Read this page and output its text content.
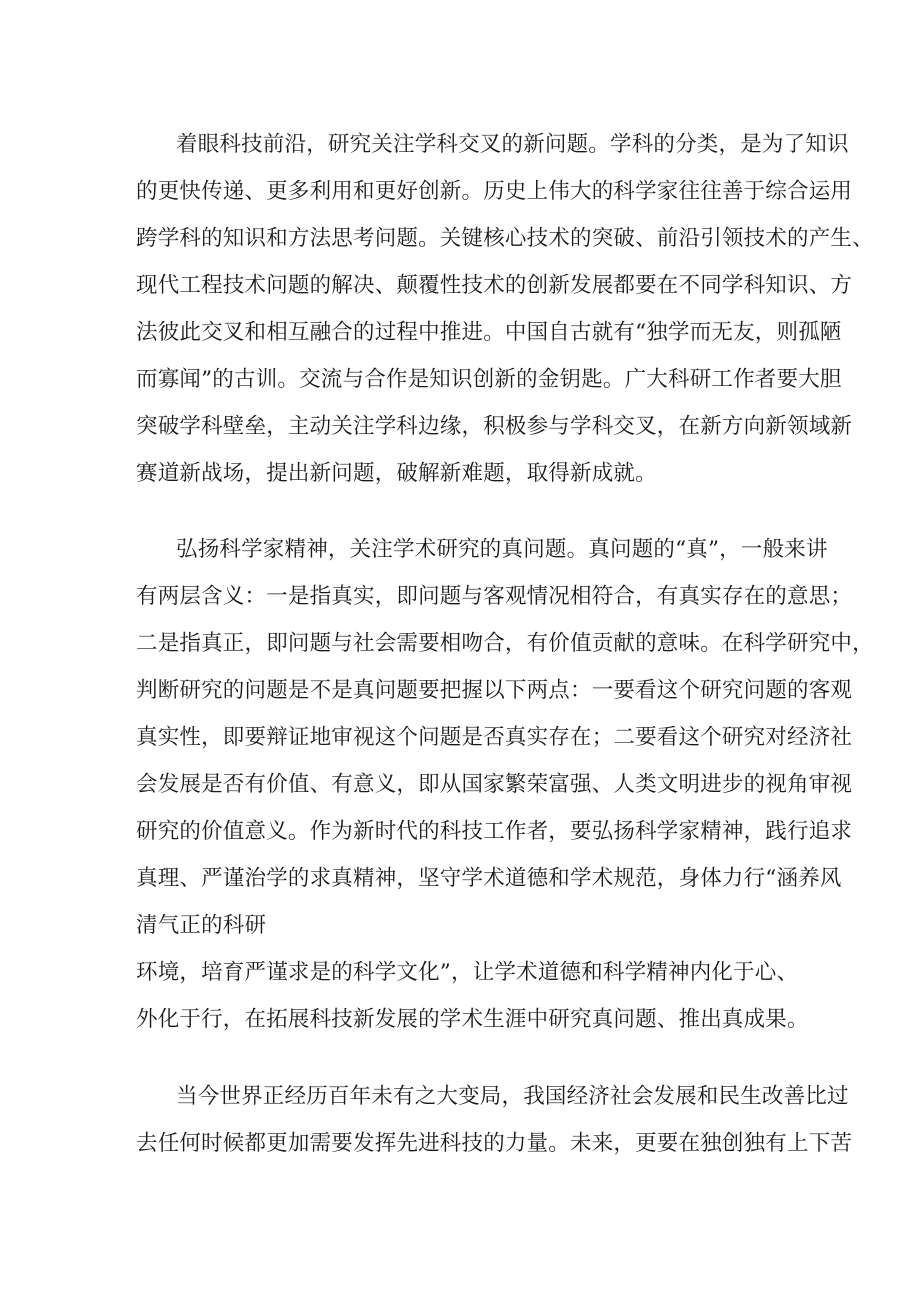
着眼科技前沿，研究关注学科交叉的新问题。学科的分类，是为了知识
的更快传递、更多利用和更好创新。历史上伟大的科学家往往善于综合运用
跨学科的知识和方法思考问题。关键核心技术的突破、前沿引领技术的产生、
现代工程技术问题的解决、颠覆性技术的创新发展都要在不同学科知识、方
法彼此交叉和相互融合的过程中推进。中国自古就有“独学而无友，则孤陋
而寡闻”的古训。交流与合作是知识创新的金钥匙。广大科研工作者要大胆
突破学科壁垒，主动关注学科边缘，积极参与学科交叉，在新方向新领域新
赛道新战场，提出新问题，破解新难题，取得新成就。
弘扬科学家精神，关注学术研究的真问题。真问题的“真”，一般来讲
有两层含义：一是指真实，即问题与客观情况相符合，有真实存在的意思；
二是指真正，即问题与社会需要相吻合，有价值贡献的意味。在科学研究中，
判断研究的问题是不是真问题要把握以下两点：一要看这个研究问题的客观
真实性，即要辩证地审视这个问题是否真实存在；二要看这个研究对经济社
会发展是否有价值、有意义，即从国家繁荣富强、人类文明进步的视角审视
研究的价值意义。作为新时代的科技工作者，要弘扬科学家精神，践行追求
真理、严谨治学的求真精神，坚守学术道德和学术规范，身体力行“涵养风
清气正的科研
环境，培育严谨求是的科学文化”，让学术道德和科学精神内化于心、
外化于行，在拓展科技新发展的学术生涯中研究真问题、推出真成果。
当今世界正经历百年未有之大变局，我国经济社会发展和民生改善比过
去任何时候都更加需要发挥先进科技的力量。未来，更要在独创独有上下苦
